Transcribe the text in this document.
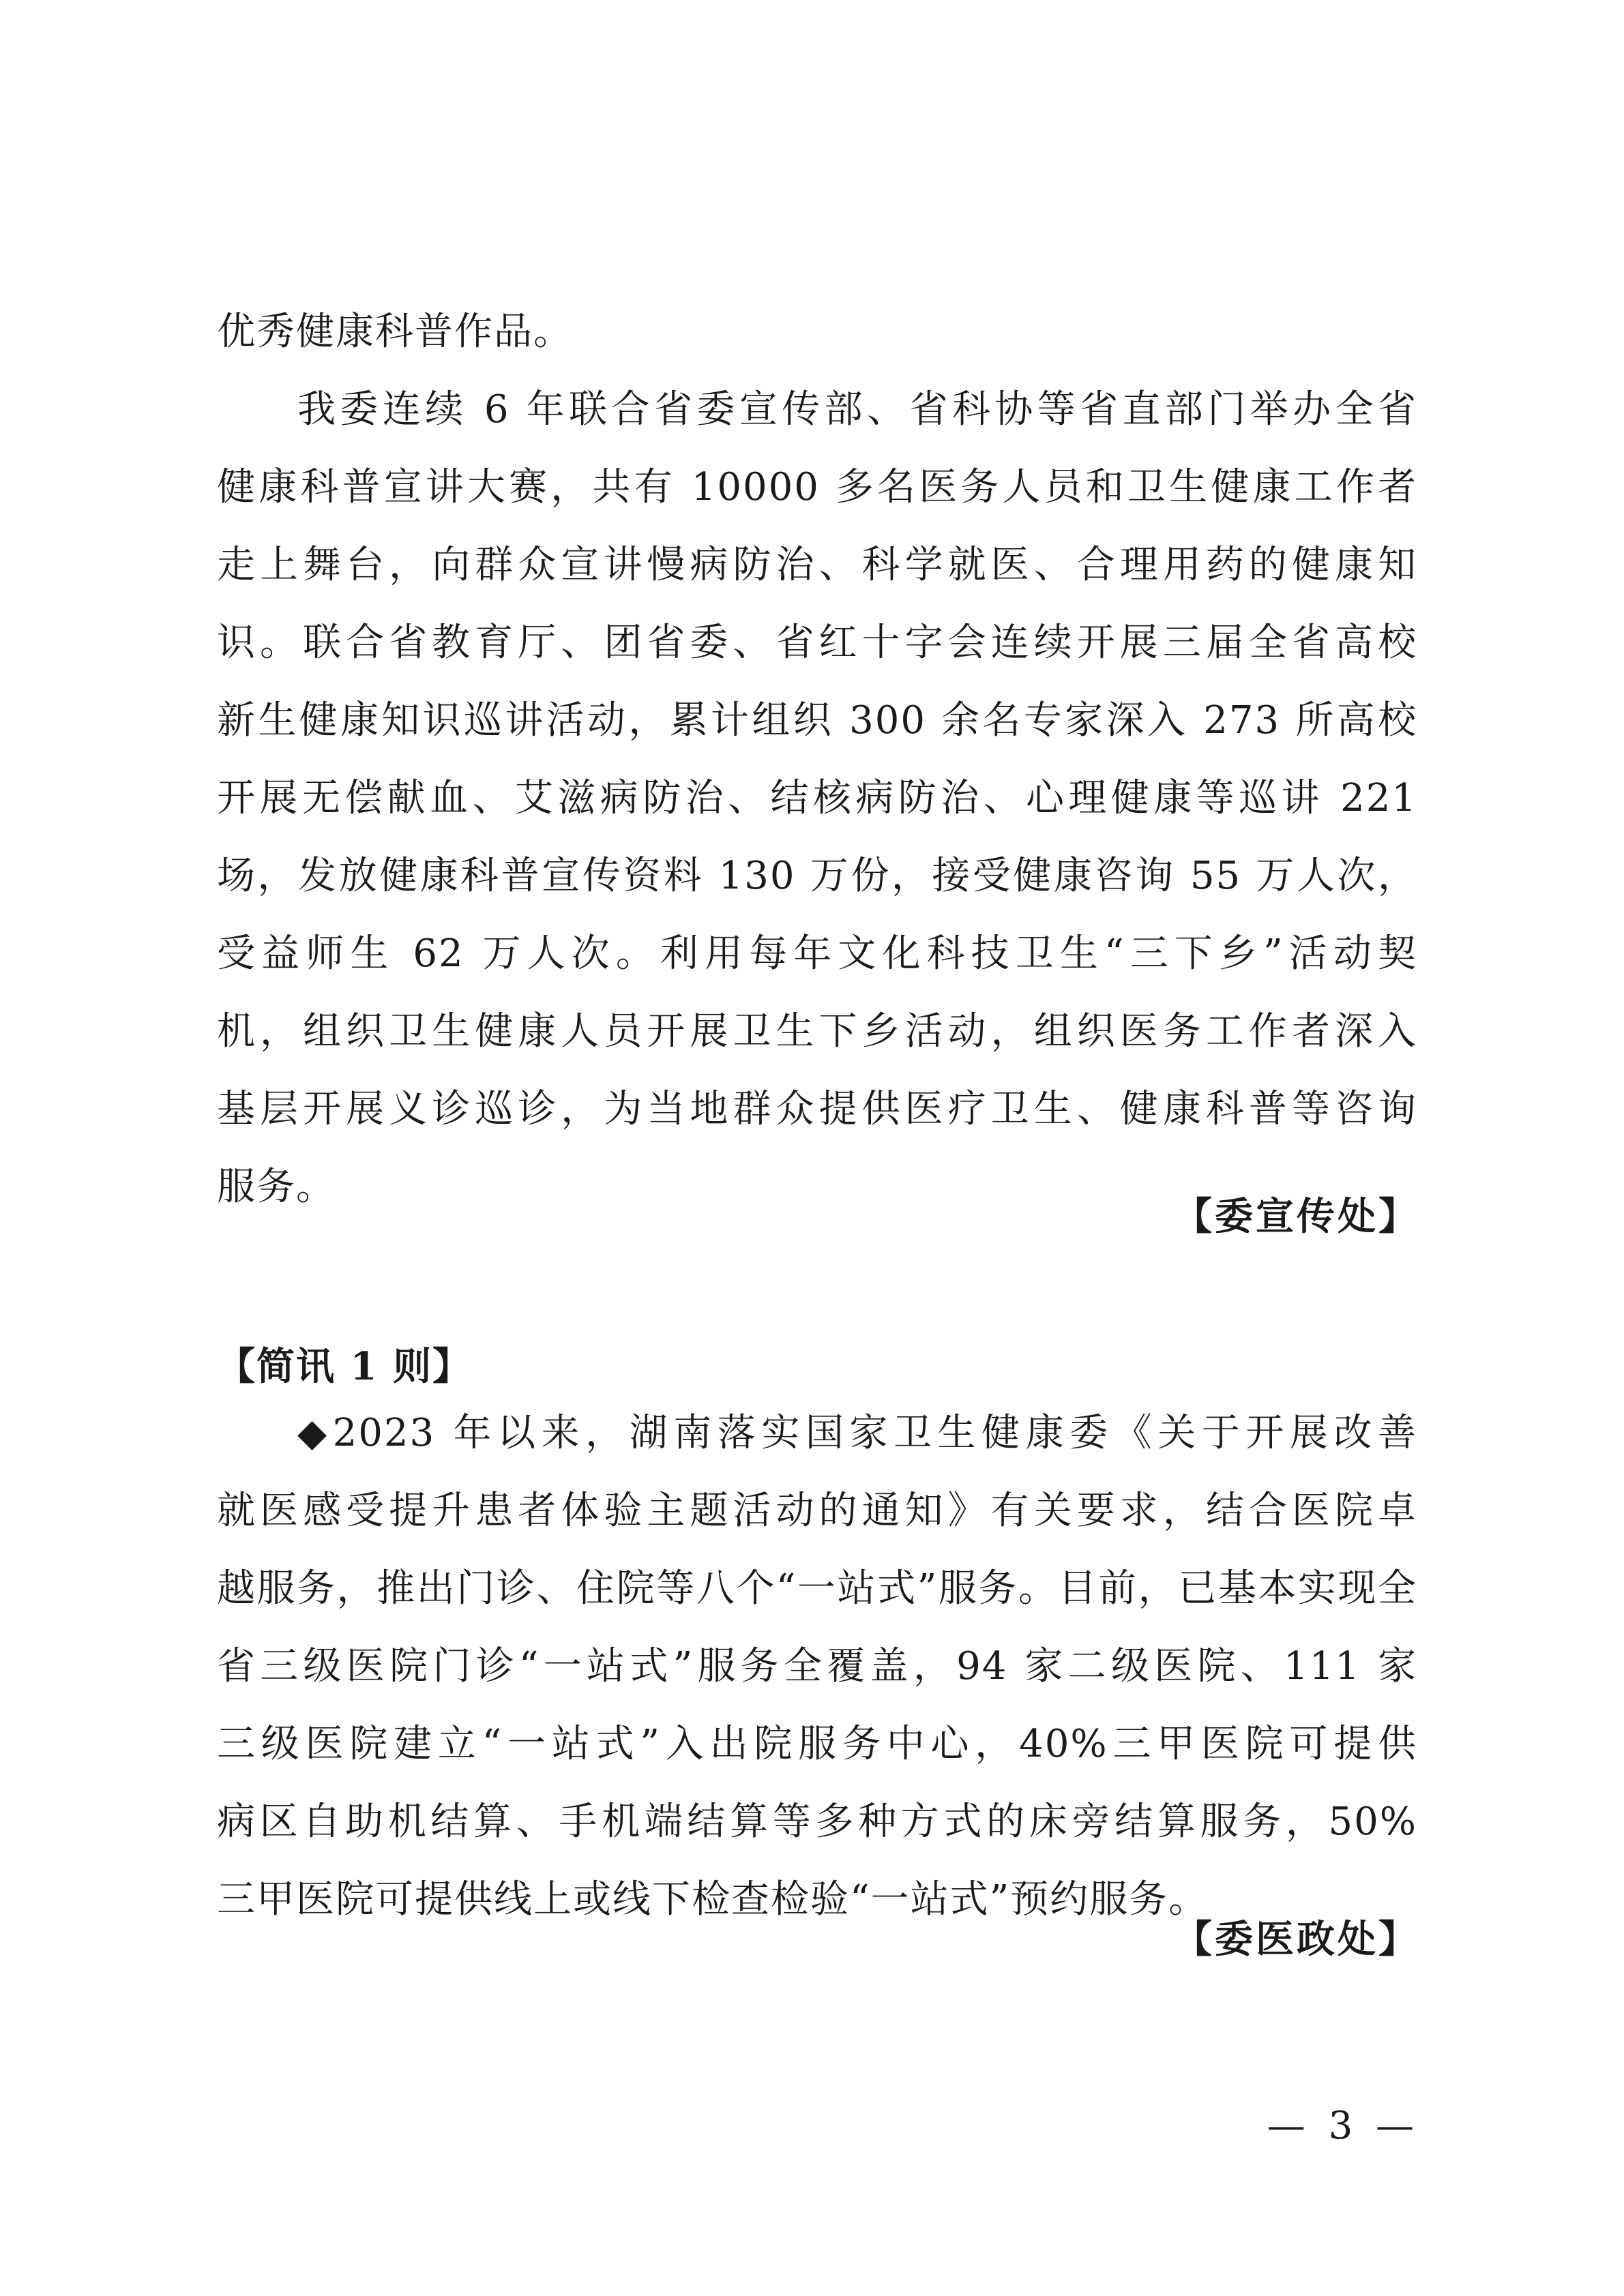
优秀健康科普作品。
我委连续 6 年联合省委宣传部、省科协等省直部门举办全省
健康科普宣讲大赛，共有 10000 多名医务人员和卫生健康工作者
走上舞台，向群众宣讲慢病防治、科学就医、合理用药的健康知
识。联合省教育厅、团省委、省红十字会连续开展三届全省高校
新生健康知识巡讲活动，累计组织 300 余名专家深入 273 所高校
开展无偿献血、艾滋病防治、结核病防治、心理健康等巡讲 221
场，发放健康科普宣传资料 130 万份，接受健康咨询 55 万人次，
受益师生 62 万人次。利用每年文化科技卫生“三下乡”活动契
机，组织卫生健康人员开展卫生下乡活动，组织医务工作者深入
基层开展义诊巡诊，为当地群众提供医疗卫生、健康科普等咨询
服务。
【委宣传处】
【简讯 1 则】
◆2023 年以来，湖南落实国家卫生健康委《关于开展改善
就医感受提升患者体验主题活动的通知》有关要求，结合医院卓
越服务，推出门诊、住院等八个“一站式”服务。目前，已基本实现全
省三级医院门诊“一站式”服务全覆盖，94 家二级医院、111 家
三级医院建立“一站式”入出院服务中心，40%三甲医院可提供
病区自助机结算、手机端结算等多种方式的床旁结算服务，50%
三甲医院可提供线上或线下检查检验“一站式”预约服务。
【委医政处】
— 3 —
